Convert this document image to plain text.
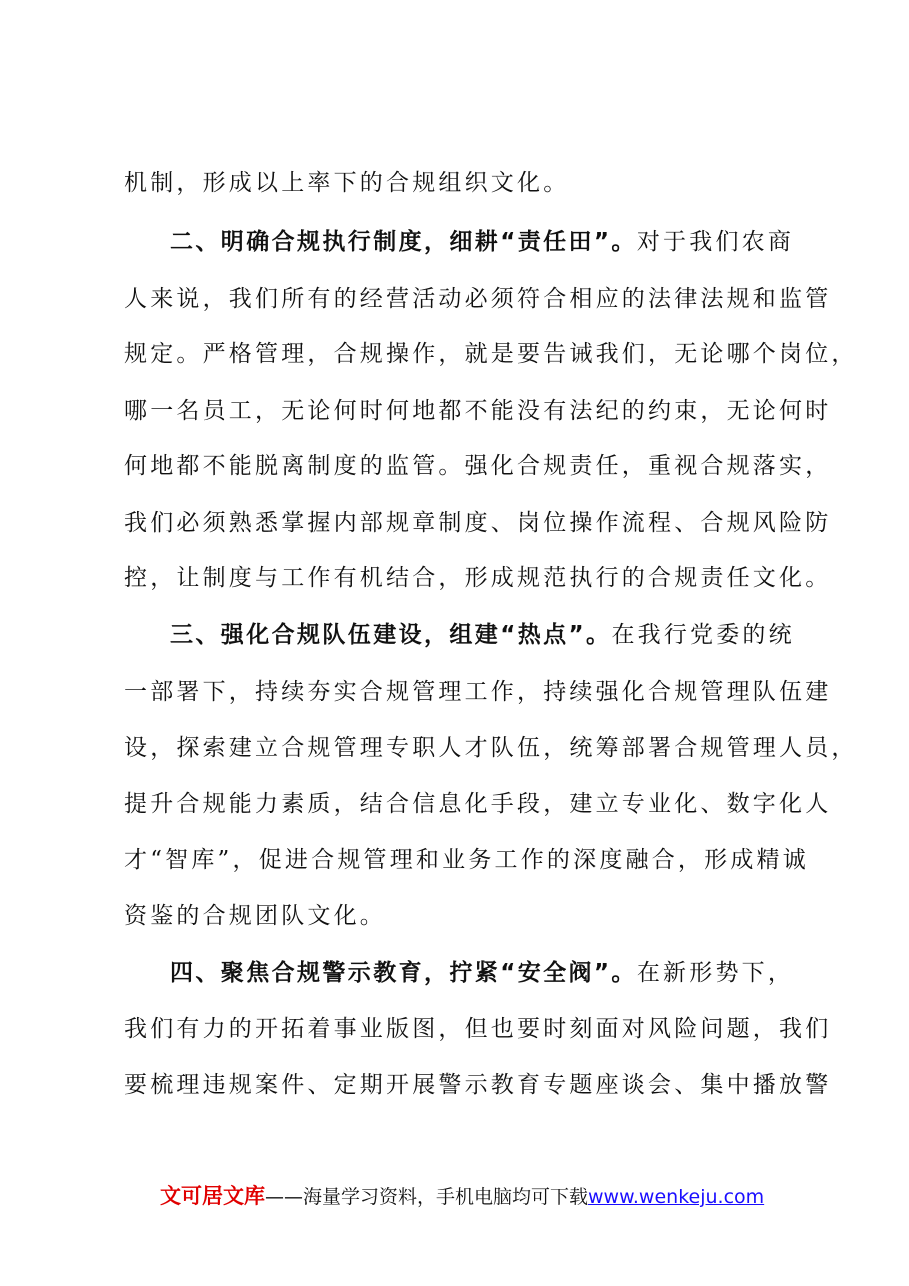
机制，形成以上率下的合规组织文化。
二、明确合规执行制度，细耕“责任田”。对于我们农商
人来说，我们所有的经营活动必须符合相应的法律法规和监管
规定。严格管理，合规操作，就是要告诫我们，无论哪个岗位，
哪一名员工，无论何时何地都不能没有法纪的约束，无论何时
何地都不能脱离制度的监管。强化合规责任，重视合规落实，
我们必须熟悉掌握内部规章制度、岗位操作流程、合规风险防
控，让制度与工作有机结合，形成规范执行的合规责任文化。
三、强化合规队伍建设，组建“热点”。在我行党委的统
一部署下，持续夯实合规管理工作，持续强化合规管理队伍建
设，探索建立合规管理专职人才队伍，统筹部署合规管理人员，
提升合规能力素质，结合信息化手段，建立专业化、数字化人
才“智库”，促进合规管理和业务工作的深度融合，形成精诚
资鉴的合规团队文化。
四、聚焦合规警示教育，拧紧“安全阀”。在新形势下，
我们有力的开拓着事业版图，但也要时刻面对风险问题，我们
要梳理违规案件、定期开展警示教育专题座谈会、集中播放警
文可居文库——海量学习资料，手机电脑均可下载www.wenkeju.com
